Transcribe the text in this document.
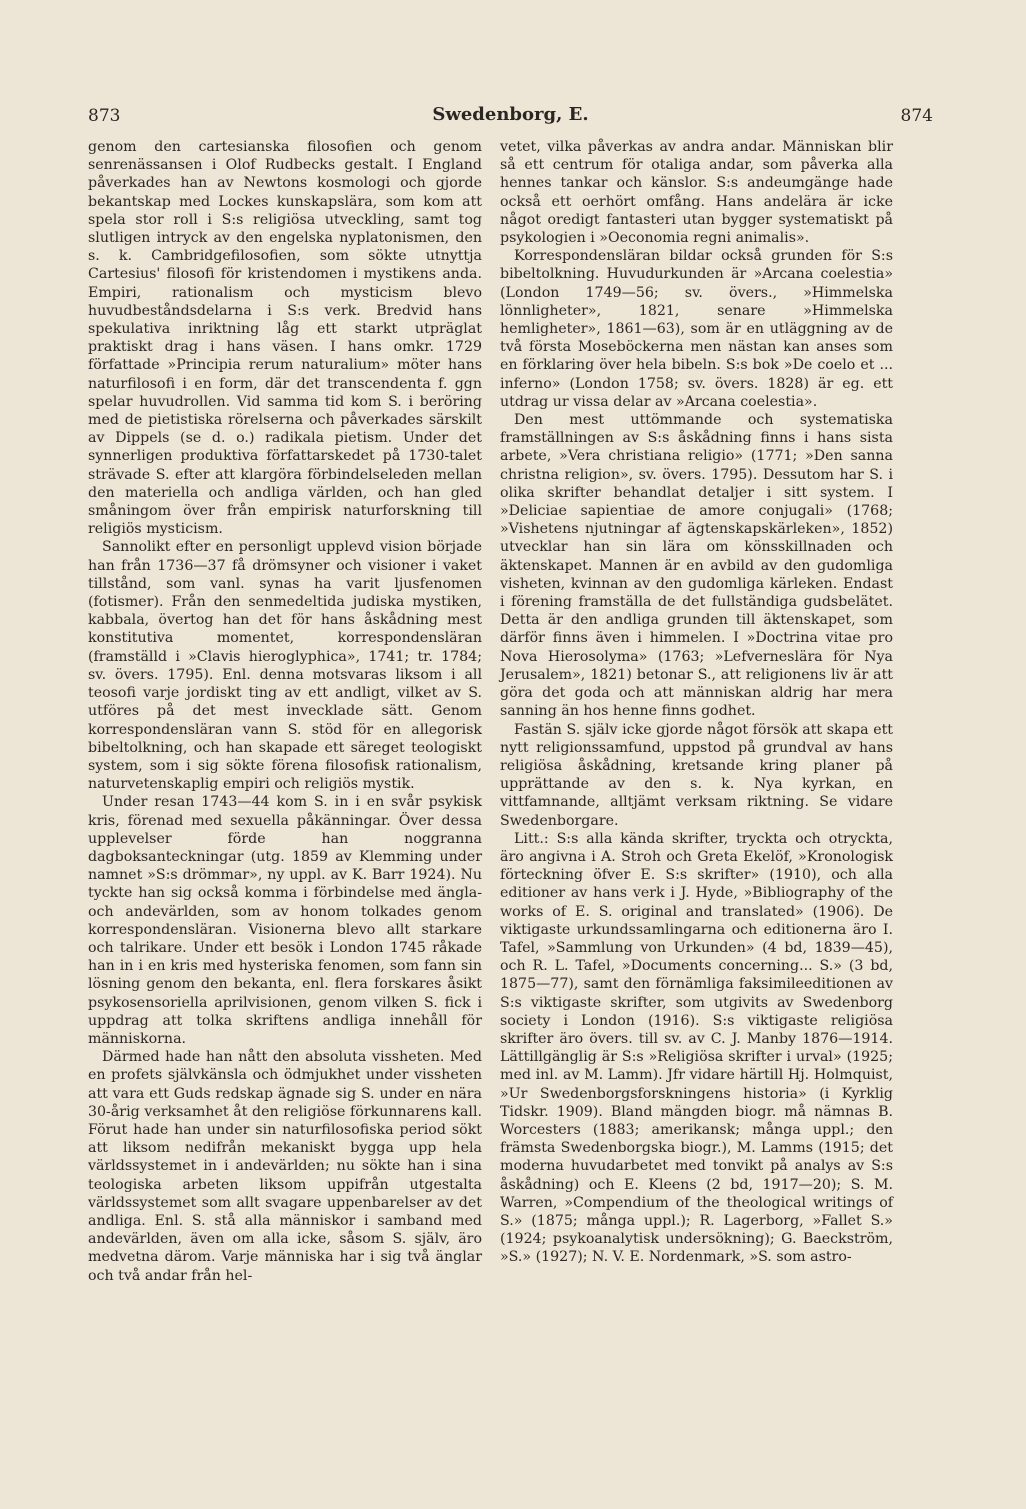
873	Swedenborg, E.	874

genom den cartesianska filosofien och genom senrenässansen i Olof Rudbecks gestalt. I England påverkades han av Newtons kosmologi och gjorde bekantskap med Lockes kunskapslära, som kom att spela stor roll i S:s religiösa utveckling, samt tog slutligen intryck av den engelska nyplatonismen, den s. k. Cambridgefilosofien, som sökte utnyttja Cartesius' filosofi för kristendomen i mystikens anda. Empiri, rationalism och mysticism blevo huvudbeståndsdelarna i S:s verk. Bredvid hans spekulativa inriktning låg ett starkt utpräglat praktiskt drag i hans väsen. I hans omkr. 1729 författade »Principia rerum naturalium» möter hans naturfilosofi i en form, där det transcendenta f. ggn spelar huvudrollen. Vid samma tid kom S. i beröring med de pietistiska rörelserna och påverkades särskilt av Dippels (se d. o.) radikala pietism. Under det synnerligen produktiva författarskedet på 1730-talet strävade S. efter att klargöra förbindelseleden mellan den materiella och andliga världen, och han gled småningom över från empirisk naturforskning till religiös mysticism.

Sannolikt efter en personligt upplevd vision började han från 1736—37 få drömsyner och visioner i vaket tillstånd, som vanl. synas ha varit ljusfenomen (fotismer). Från den senmedeltida judiska mystiken, kabbala, övertog han det för hans åskådning mest konstitutiva momentet, korrespondensläran (framställd i »Clavis hieroglyphica», 1741; tr. 1784; sv. övers. 1795). Enl. denna motsvaras liksom i all teosofi varje jordiskt ting av ett andligt, vilket av S. utföres på det mest invecklade sätt. Genom korrespondensläran vann S. stöd för en allegorisk bibeltolkning, och han skapade ett säreget teologiskt system, som i sig sökte förena filosofisk rationalism, naturvetenskaplig empiri och religiös mystik.

Under resan 1743—44 kom S. in i en svår psykisk kris, förenad med sexuella påkänningar. Över dessa upplevelser förde han noggranna dagboksanteckningar (utg. 1859 av Klemming under namnet »S:s drömmar», ny uppl. av K. Barr 1924). Nu tyckte han sig också komma i förbindelse med ängla- och andevärlden, som av honom tolkades genom korrespondensläran. Visionerna blevo allt starkare och talrikare. Under ett besök i London 1745 råkade han in i en kris med hysteriska fenomen, som fann sin lösning genom den bekanta, enl. flera forskares åsikt psykosensoriella aprilvisionen, genom vilken S. fick i uppdrag att tolka skriftens andliga innehåll för människorna.

Därmed hade han nått den absoluta vissheten. Med en profets självkänsla och ödmjukhet under vissheten att vara ett Guds redskap ägnade sig S. under en nära 30-årig verksamhet åt den religiöse förkunnarens kall. Förut hade han under sin naturfilosofiska period sökt att liksom nedifrån mekaniskt bygga upp hela världssystemet in i andevärlden; nu sökte han i sina teologiska arbeten liksom uppifrån utgestalta världssystemet som allt svagare uppenbarelser av det andliga. Enl. S. stå alla människor i samband med andevärlden, även om alla icke, såsom S. själv, äro medvetna därom. Varje människa har i sig två änglar och två andar från hel-

vetet, vilka påverkas av andra andar. Människan blir så ett centrum för otaliga andar, som påverka alla hennes tankar och känslor. S:s andeumgänge hade också ett oerhört omfång. Hans andelära är icke något oredigt fantasteri utan bygger systematiskt på psykologien i »Oeconomia regni animalis».

Korrespondensläran bildar också grunden för S:s bibeltolkning. Huvudurkunden är »Arcana coelestia» (London 1749—56; sv. övers., »Himmelska lönnligheter», 1821, senare »Himmelska hemligheter», 1861—63), som är en utläggning av de två första Moseböckerna men nästan kan anses som en förklaring över hela bibeln. S:s bok »De coelo et ... inferno» (London 1758; sv. övers. 1828) är eg. ett utdrag ur vissa delar av »Arcana coelestia».

Den mest uttömmande och systematiska framställningen av S:s åskådning finns i hans sista arbete, »Vera christiana religio» (1771; »Den sanna christna religion», sv. övers. 1795). Dessutom har S. i olika skrifter behandlat detaljer i sitt system. I »Deliciae sapientiae de amore conjugali» (1768; »Vishetens njutningar af ägtenskapskärleken», 1852) utvecklar han sin lära om könsskillnaden och äktenskapet. Mannen är en avbild av den gudomliga visheten, kvinnan av den gudomliga kärleken. Endast i förening framställa de det fullständiga gudsbelätet. Detta är den andliga grunden till äktenskapet, som därför finns även i himmelen. I »Doctrina vitae pro Nova Hierosolyma» (1763; »Lefverneslära för Nya Jerusalem», 1821) betonar S., att religionens liv är att göra det goda och att människan aldrig har mera sanning än hos henne finns godhet.

Fastän S. själv icke gjorde något försök att skapa ett nytt religionssamfund, uppstod på grundval av hans religiösa åskådning, kretsande kring planer på upprättande av den s. k. Nya kyrkan, en vittfamnande, alltjämt verksam riktning. Se vidare Swedenborgare.

Litt.: S:s alla kända skrifter, tryckta och otryckta, äro angivna i A. Stroh och Greta Ekelöf, »Kronologisk förteckning öfver E. S:s skrifter» (1910), och alla editioner av hans verk i J. Hyde, »Bibliography of the works of E. S. original and translated» (1906). De viktigaste urkundssamlingarna och editionerna äro I. Tafel, »Sammlung von Urkunden» (4 bd, 1839—45), och R. L. Tafel, »Documents concerning... S.» (3 bd, 1875—77), samt den förnämliga faksimileeditionen av S:s viktigaste skrifter, som utgivits av Swedenborg society i London (1916). S:s viktigaste religiösa skrifter äro övers. till sv. av C. J. Manby 1876—1914. Lättillgänglig är S:s »Religiösa skrifter i urval» (1925; med inl. av M. Lamm). Jfr vidare härtill Hj. Holmquist, »Ur Swedenborgsforskningens historia» (i Kyrklig Tidskr. 1909). Bland mängden biogr. må nämnas B. Worcesters (1883; amerikansk; många uppl.; den främsta Swedenborgska biogr.), M. Lamms (1915; det moderna huvudarbetet med tonvikt på analys av S:s åskådning) och E. Kleens (2 bd, 1917—20); S. M. Warren, »Compendium of the theological writings of S.» (1875; många uppl.); R. Lagerborg, »Fallet S.» (1924; psykoanalytisk undersökning); G. Baeckström, »S.» (1927); N. V. E. Nordenmark, »S. som astro-
